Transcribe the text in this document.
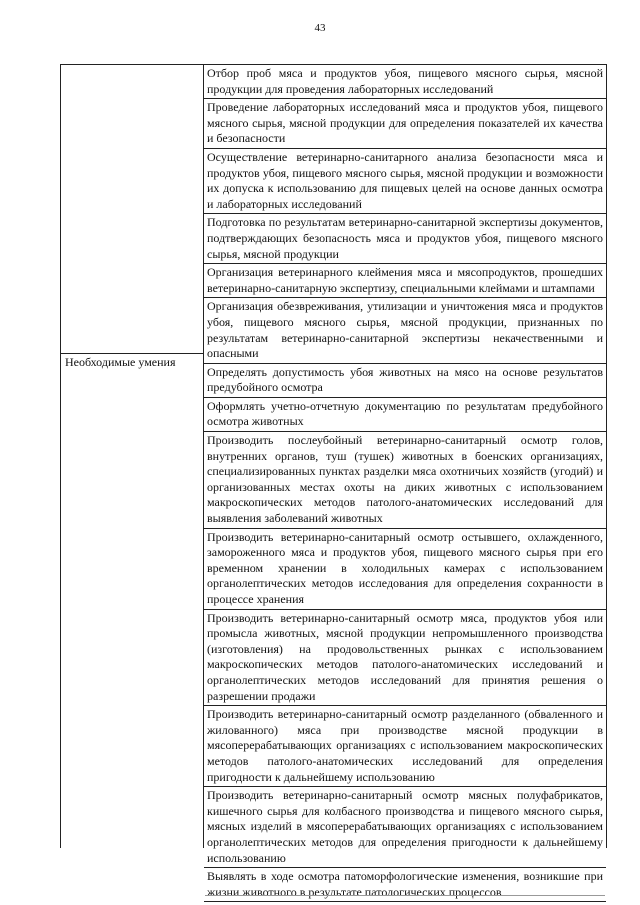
43
Необходимые умения
Отбор проб мяса и продуктов убоя, пищевого мясного сырья, мясной продукции для проведения лабораторных исследований
Проведение лабораторных исследований мяса и продуктов убоя, пищевого мясного сырья, мясной продукции для определения показателей их качества и безопасности
Осуществление ветеринарно-санитарного анализа безопасности мяса и продуктов убоя, пищевого мясного сырья, мясной продукции и возможности их допуска к использованию для пищевых целей на основе данных осмотра и лабораторных исследований
Подготовка по результатам ветеринарно-санитарной экспертизы документов, подтверждающих безопасность мяса и продуктов убоя, пищевого мясного сырья, мясной продукции
Организация ветеринарного клеймения мяса и мясопродуктов, прошедших ветеринарно-санитарную экспертизу, специальными клеймами и штампами
Организация обезвреживания, утилизации и уничтожения мяса и продуктов убоя, пищевого мясного сырья, мясной продукции, признанных по результатам ветеринарно-санитарной экспертизы некачественными и опасными
Определять допустимость убоя животных на мясо на основе результатов предубойного осмотра
Оформлять учетно-отчетную документацию по результатам предубойного осмотра животных
Производить послеубойный ветеринарно-санитарный осмотр голов, внутренних органов, туш (тушек) животных в боенских организациях, специализированных пунктах разделки мяса охотничьих хозяйств (угодий) и организованных местах охоты на диких животных с использованием макроскопических методов патолого-анатомических исследований для выявления заболеваний животных
Производить ветеринарно-санитарный осмотр остывшего, охлажденного, замороженного мяса и продуктов убоя, пищевого мясного сырья при его временном хранении в холодильных камерах с использованием органолептических методов исследования для определения сохранности в процессе хранения
Производить ветеринарно-санитарный осмотр мяса, продуктов убоя или промысла животных, мясной продукции непромышленного производства (изготовления) на продовольственных рынках с использованием макроскопических методов патолого-анатомических исследований и органолептических методов исследований для принятия решения о разрешении продажи
Производить ветеринарно-санитарный осмотр разделанного (обваленного и жилованного) мяса при производстве мясной продукции в мясоперерабатывающих организациях с использованием макроскопических методов патолого-анатомических исследований для определения пригодности к дальнейшему использованию
Производить ветеринарно-санитарный осмотр мясных полуфабрикатов, кишечного сырья для колбасного производства и пищевого мясного сырья, мясных изделий в мясоперерабатывающих организациях с использованием органолептических методов для определения пригодности к дальнейшему использованию
Выявлять в ходе осмотра патоморфологические изменения, возникшие при жизни животного в результате патологических процессов
